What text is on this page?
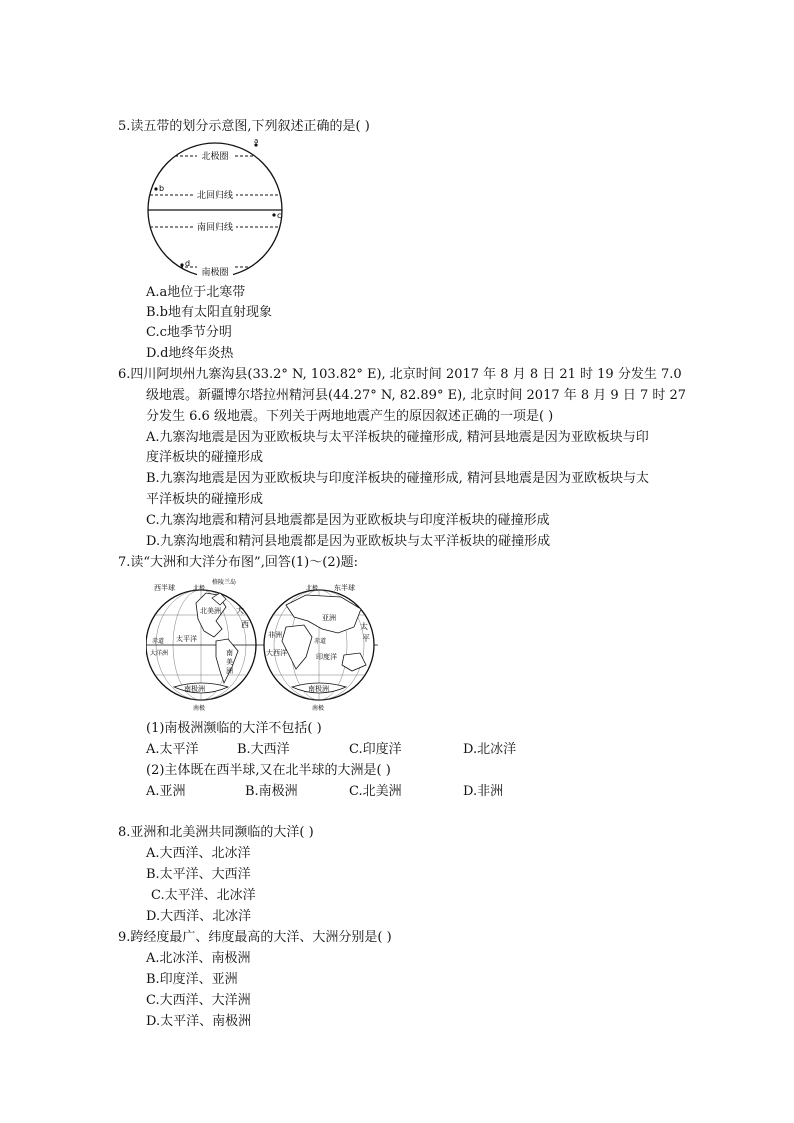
5.读五带的划分示意图,下列叙述正确的是( )
北极圈
北回归线
南回归线
南极圈
a
b
c
d
A.a地位于北寒带
B.b地有太阳直射现象
C.c地季节分明
D.d地终年炎热
6.四川阿坝州九寨沟县(33.2° N, 103.82° E), 北京时间 2017 年 8 月 8 日 21 时 19 分发生 7.0
级地震。新疆博尔塔拉州精河县(44.27° N, 82.89° E), 北京时间 2017 年 8 月 9 日 7 时 27
分发生 6.6 级地震。下列关于两地地震产生的原因叙述正确的一项是( )
A.九寨沟地震是因为亚欧板块与太平洋板块的碰撞形成, 精河县地震是因为亚欧板块与印
度洋板块的碰撞形成
B.九寨沟地震是因为亚欧板块与印度洋板块的碰撞形成, 精河县地震是因为亚欧板块与太
平洋板块的碰撞形成
C.九寨沟地震和精河县地震都是因为亚欧板块与印度洋板块的碰撞形成
D.九寨沟地震和精河县地震都是因为亚欧板块与太平洋板块的碰撞形成
7.读“大洲和大洋分布图”,回答(1)～(2)题:
西半球	北极
格陵兰岛
北美洲 大
西
赤道 太平洋
大洋洲	南
美
洲
南极洲
南极
北极 东半球
亚洲
非洲
太
平
赤道
大西洋	印度洋
南极洲
南极
(1)南极洲濒临的大洋不包括( )
A.太平洋	B.大西洋	C.印度洋	D.北冰洋
(2)主体既在西半球,又在北半球的大洲是( )
A.亚洲	B.南极洲	C.北美洲	D.非洲
8.亚洲和北美洲共同濒临的大洋( )
A.大西洋、北冰洋
B.太平洋、大西洋
C.太平洋、北冰洋
D.大西洋、北冰洋
9.跨经度最广、纬度最高的大洋、大洲分别是( )
A.北冰洋、南极洲
B.印度洋、亚洲
C.大西洋、大洋洲
D.太平洋、南极洲
